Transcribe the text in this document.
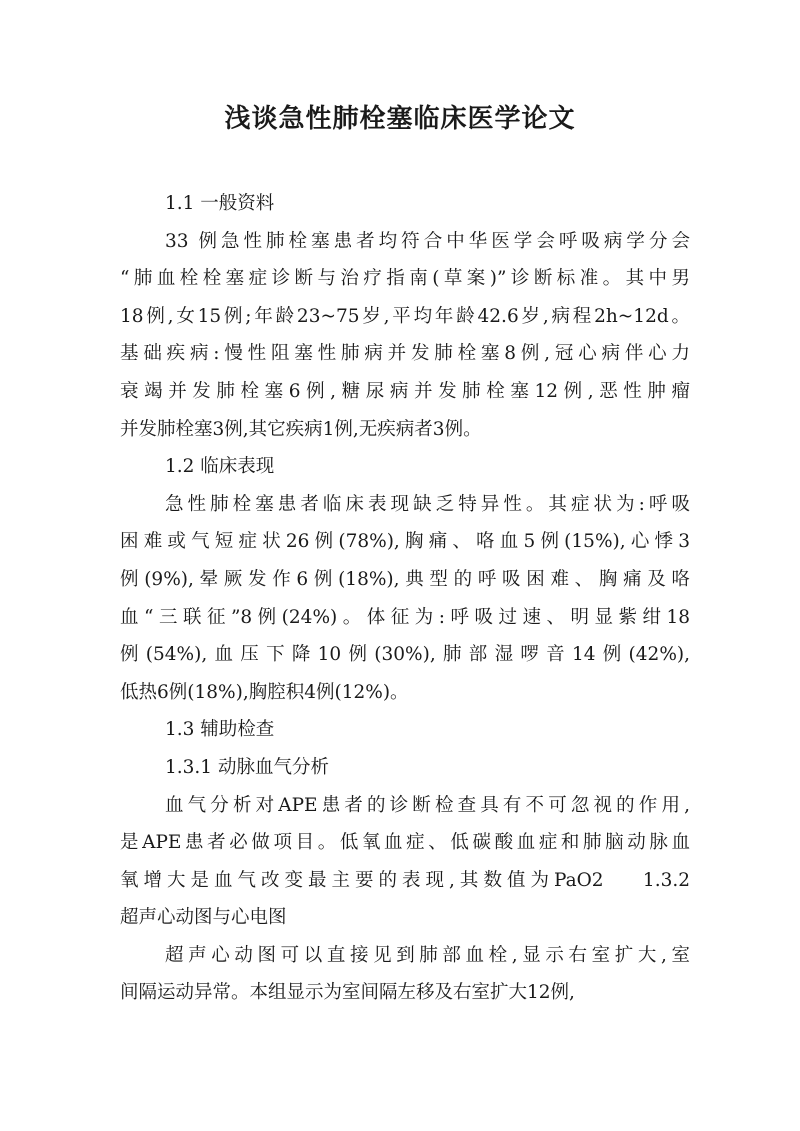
浅谈急性肺栓塞临床医学论文
1.1 一般资料
33 例急性肺栓塞患者均符合中华医学会呼吸病学分会
“肺血栓栓塞症诊断与治疗指南(草案)”诊断标准。其中男
18例,女15例;年龄23~75岁,平均年龄42.6岁,病程2h~12d。
基础疾病:慢性阻塞性肺病并发肺栓塞8例,冠心病伴心力
衰竭并发肺栓塞6例,糖尿病并发肺栓塞12例,恶性肿瘤
并发肺栓塞3例,其它疾病1例,无疾病者3例。
1.2 临床表现
急性肺栓塞患者临床表现缺乏特异性。其症状为:呼吸
困难或气短症状26例(78%),胸痛、咯血5例(15%),心悸3
例(9%),晕厥发作6例(18%),典型的呼吸困难、胸痛及咯
血“三联征”8例(24%)。体征为:呼吸过速、明显紫绀18
例(54%),血压下降10例(30%),肺部湿啰音14例(42%),
低热6例(18%),胸腔积4例(12%)。
1.3 辅助检查
1.3.1 动脉血气分析
血气分析对APE患者的诊断检查具有不可忽视的作用,
是APE患者必做项目。低氧血症、低碳酸血症和肺脑动脉血
氧增大是血气改变最主要的表现,其数值为PaO2　 1.3.2
超声心动图与心电图
超声心动图可以直接见到肺部血栓,显示右室扩大,室
间隔运动异常。本组显示为室间隔左移及右室扩大12例,
